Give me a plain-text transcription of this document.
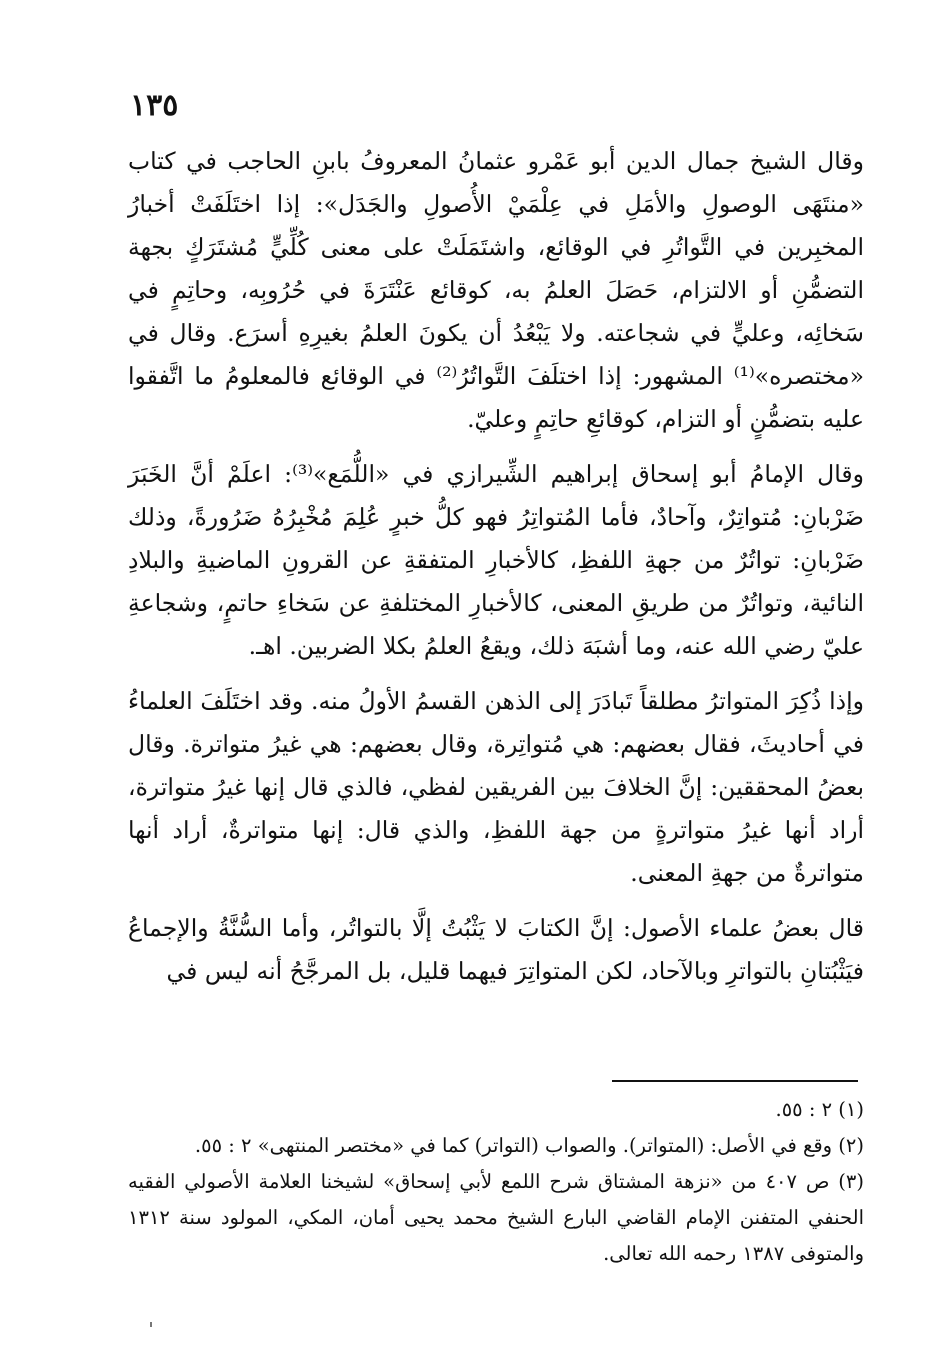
١٣٥

وقال الشيخ جمال الدين أبو عَمْرو عثمانُ المعروفُ بابنِ الحاجب في كتاب «منتَهَى الوصولِ والأمَلِ في عِلْمَيْ الأُصولِ والجَدَل»: إذا اختَلَفَتْ أخبارُ المخبِرين في التَّواتُرِ في الوقائع، واشتَمَلَتْ على معنى كُلِّيٍّ مُشتَرَكٍ بجهة التضمُّنِ أو الالتزام، حَصَلَ العلمُ به، كوقائع عَنْتَرَةَ في حُرُوبِه، وحاتِمٍ في سَخائِه، وعليٍّ في شجاعته. ولا يَبْعُدُ أن يكونَ العلمُ بغيرِهِ أسرَع. وقال في «مختصره»⁽¹⁾ المشهور: إذا اختلَفَ التَّواتُرُ⁽²⁾ في الوقائع فالمعلومُ ما اتَّفقوا عليه بتضمُّنٍ أو التزام، كوقائعِ حاتِمٍ وعليّ.

وقال الإمامُ أبو إسحاق إبراهيم الشِّيرازي في «اللُّمَع»⁽³⁾: اعلَمْ أنَّ الخَبَرَ ضَرْبانِ: مُتواتِرٌ، وآحادٌ، فأما المُتواتِرُ فهو كلُّ خبرٍ عُلِمَ مُخْبِرُهُ ضَرُورةً، وذلك ضَرْبانِ: تواتُرٌ من جهةِ اللفظِ، كالأخبارِ المتفقةِ عن القرونِ الماضيةِ والبلادِ النائية، وتواتُرٌ من طريقِ المعنى، كالأخبارِ المختلفةِ عن سَخاءِ حاتمٍ، وشجاعةِ عليّ رضي الله عنه، وما أشبَهَ ذلك، ويقعُ العلمُ بكلا الضربين. اهـ.

وإذا ذُكِرَ المتواترُ مطلقاً تَبادَرَ إلى الذهن القسمُ الأولُ منه. وقد اختَلَفَ العلماءُ في أحاديثَ، فقال بعضهم: هي مُتواتِرة، وقال بعضهم: هي غيرُ متواترة. وقال بعضُ المحققين: إنَّ الخلافَ بين الفريقين لفظي، فالذي قال إنها غيرُ متواترة، أراد أنها غيرُ متواترةٍ من جهة اللفظِ، والذي قال: إنها متواترةٌ، أراد أنها متواترةٌ من جهةِ المعنى.

قال بعضُ علماء الأصول: إنَّ الكتابَ لا يَثْبُتُ إلَّا بالتواتُر، وأما السُّنَّةُ والإجماعُ فيَثْبُتانِ بالتواترِ وبالآحاد، لكن المتواتِرَ فيهما قليل، بل المرجَّحُ أنه ليس في

(١) ٢ : ٥٥.

(٢) وقع في الأصل: (المتواتر). والصواب (التواتر) كما في «مختصر المنتهى» ٢ : ٥٥.

(٣) ص ٤٠٧ من «نزهة المشتاق شرح اللمع لأبي إسحاق» لشيخنا العلامة الأصولي الفقيه الحنفي المتفنن الإمام القاضي البارع الشيخ محمد يحيى أمان، المكي، المولود سنة ١٣١٢ والمتوفى ١٣٨٧ رحمه الله تعالى.
